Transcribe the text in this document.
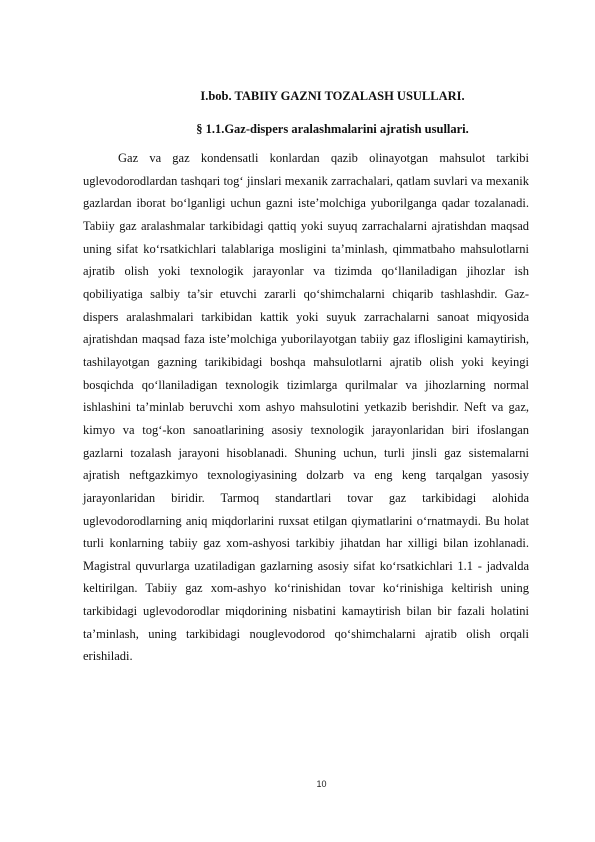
I.bob. TABIIY GAZNI TOZALASH USULLARI.
§ 1.1.Gaz-dispers aralashmalarini ajratish usullari.

Gaz va gaz kondensatli konlardan qazib olinayotgan mahsulot tarkibi uglevodorodlardan tashqari tog‘ jinslari mexanik zarrachalari, qatlam suvlari va mexanik gazlardan iborat bo‘lganligi uchun gazni iste’molchiga yuborilganga qadar tozalanadi. Tabiiy gaz aralashmalar tarkibidagi qattiq yoki suyuq zarrachalarni ajratishdan maqsad uning sifat ko‘rsatkichlari talablariga mosligini ta’minlash, qimmatbaho mahsulotlarni ajratib olish yoki texnologik jarayonlar va tizimda qo‘llaniladigan jihozlar ish qobiliyatiga salbiy ta’sir etuvchi zararli qo‘shimchalarni chiqarib tashlashdir. Gaz-dispers aralashmalari tarkibidan kattik yoki suyuk zarrachalarni sanoat miqyosida ajratishdan maqsad faza iste’molchiga yuborilayotgan tabiiy gaz iflosligini kamaytirish, tashilayotgan gazning tarikibidagi boshqa mahsulotlarni ajratib olish yoki keyingi bosqichda qo‘llaniladigan texnologik tizimlarga qurilmalar va jihozlarning normal ishlashini ta’minlab beruvchi xom ashyo mahsulotini yetkazib berishdir. Neft va gaz, kimyo va tog‘-kon sanoatlarining asosiy texnologik jarayonlaridan biri ifoslangan gazlarni tozalash jarayoni hisoblanadi. Shuning uchun, turli jinsli gaz sistemalarni ajratish neftgazkimyo texnologiyasining dolzarb va eng keng tarqalgan yasosiy jarayonlaridan biridir. Tarmoq standartlari tovar gaz tarkibidagi alohida uglevodorodlarning aniq miqdorlarini ruxsat etilgan qiymatlarini o‘rnatmaydi. Bu holat turli konlarning tabiiy gaz xom-ashyosi tarkibiy jihatdan har xilligi bilan izohlanadi. Magistral quvurlarga uzatiladigan gazlarning asosiy sifat ko‘rsatkichlari 1.1 - jadvalda keltirilgan. Tabiiy gaz xom-ashyo ko‘rinishidan tovar ko‘rinishiga keltirish uning tarkibidagi uglevodorodlar miqdorining nisbatini kamaytirish bilan bir fazali holatini ta’minlash, uning tarkibidagi nouglevodorod qo‘shimchalarni ajratib olish orqali erishiladi.

10
